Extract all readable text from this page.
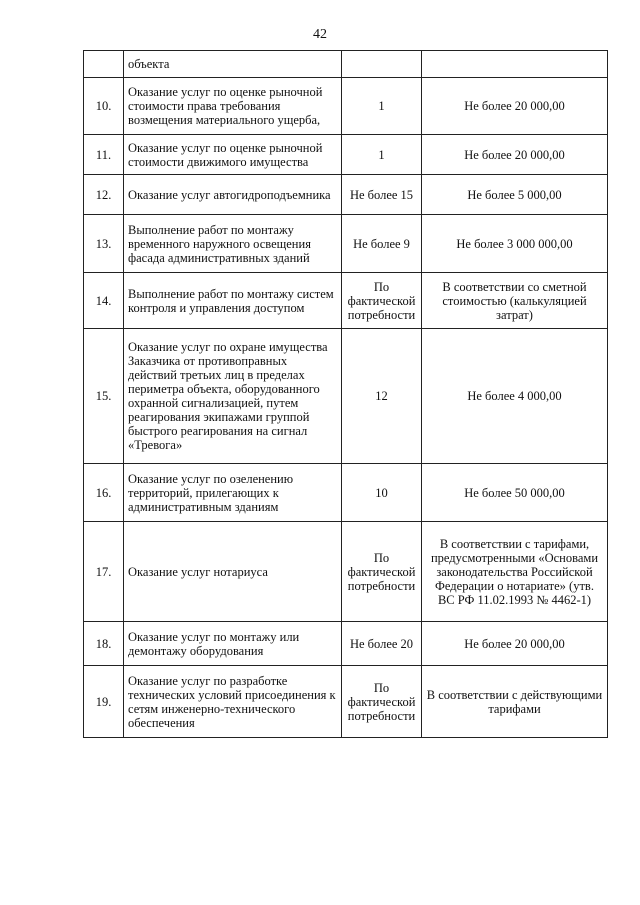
42
	объекта		
10.	Оказание услуг по оценке рыночной стоимости права требования возмещения материального ущерба,	1	Не более 20 000,00
11.	Оказание услуг по оценке рыночной стоимости движимого имущества	1	Не более 20 000,00
12.	Оказание услуг автогидроподъемника	Не более 15	Не более 5 000,00
13.	Выполнение работ по монтажу временного наружного освещения фасада административных зданий	Не более 9	Не более 3 000 000,00
14.	Выполнение работ по монтажу систем контроля и управления доступом	По фактической потребности	В соответствии со сметной стоимостью (калькуляцией затрат)
15.	Оказание услуг по охране имущества Заказчика от противоправных действий третьих лиц в пределах периметра объекта, оборудованного охранной сигнализацией, путем реагирования экипажами группой быстрого реагирования на сигнал «Тревога»	12	Не более 4 000,00
16.	Оказание услуг по озеленению территорий, прилегающих к административным зданиям	10	Не более 50 000,00
17.	Оказание услуг нотариуса	По фактической потребности	В соответствии с тарифами, предусмотренными «Основами законодательства Российской Федерации о нотариате» (утв. ВС РФ 11.02.1993 № 4462-1)
18.	Оказание услуг по монтажу или демонтажу оборудования	Не более 20	Не более 20 000,00
19.	Оказание услуг по разработке технических условий присоединения к сетям инженерно-технического обеспечения	По фактической потребности	В соответствии с действующими тарифами
